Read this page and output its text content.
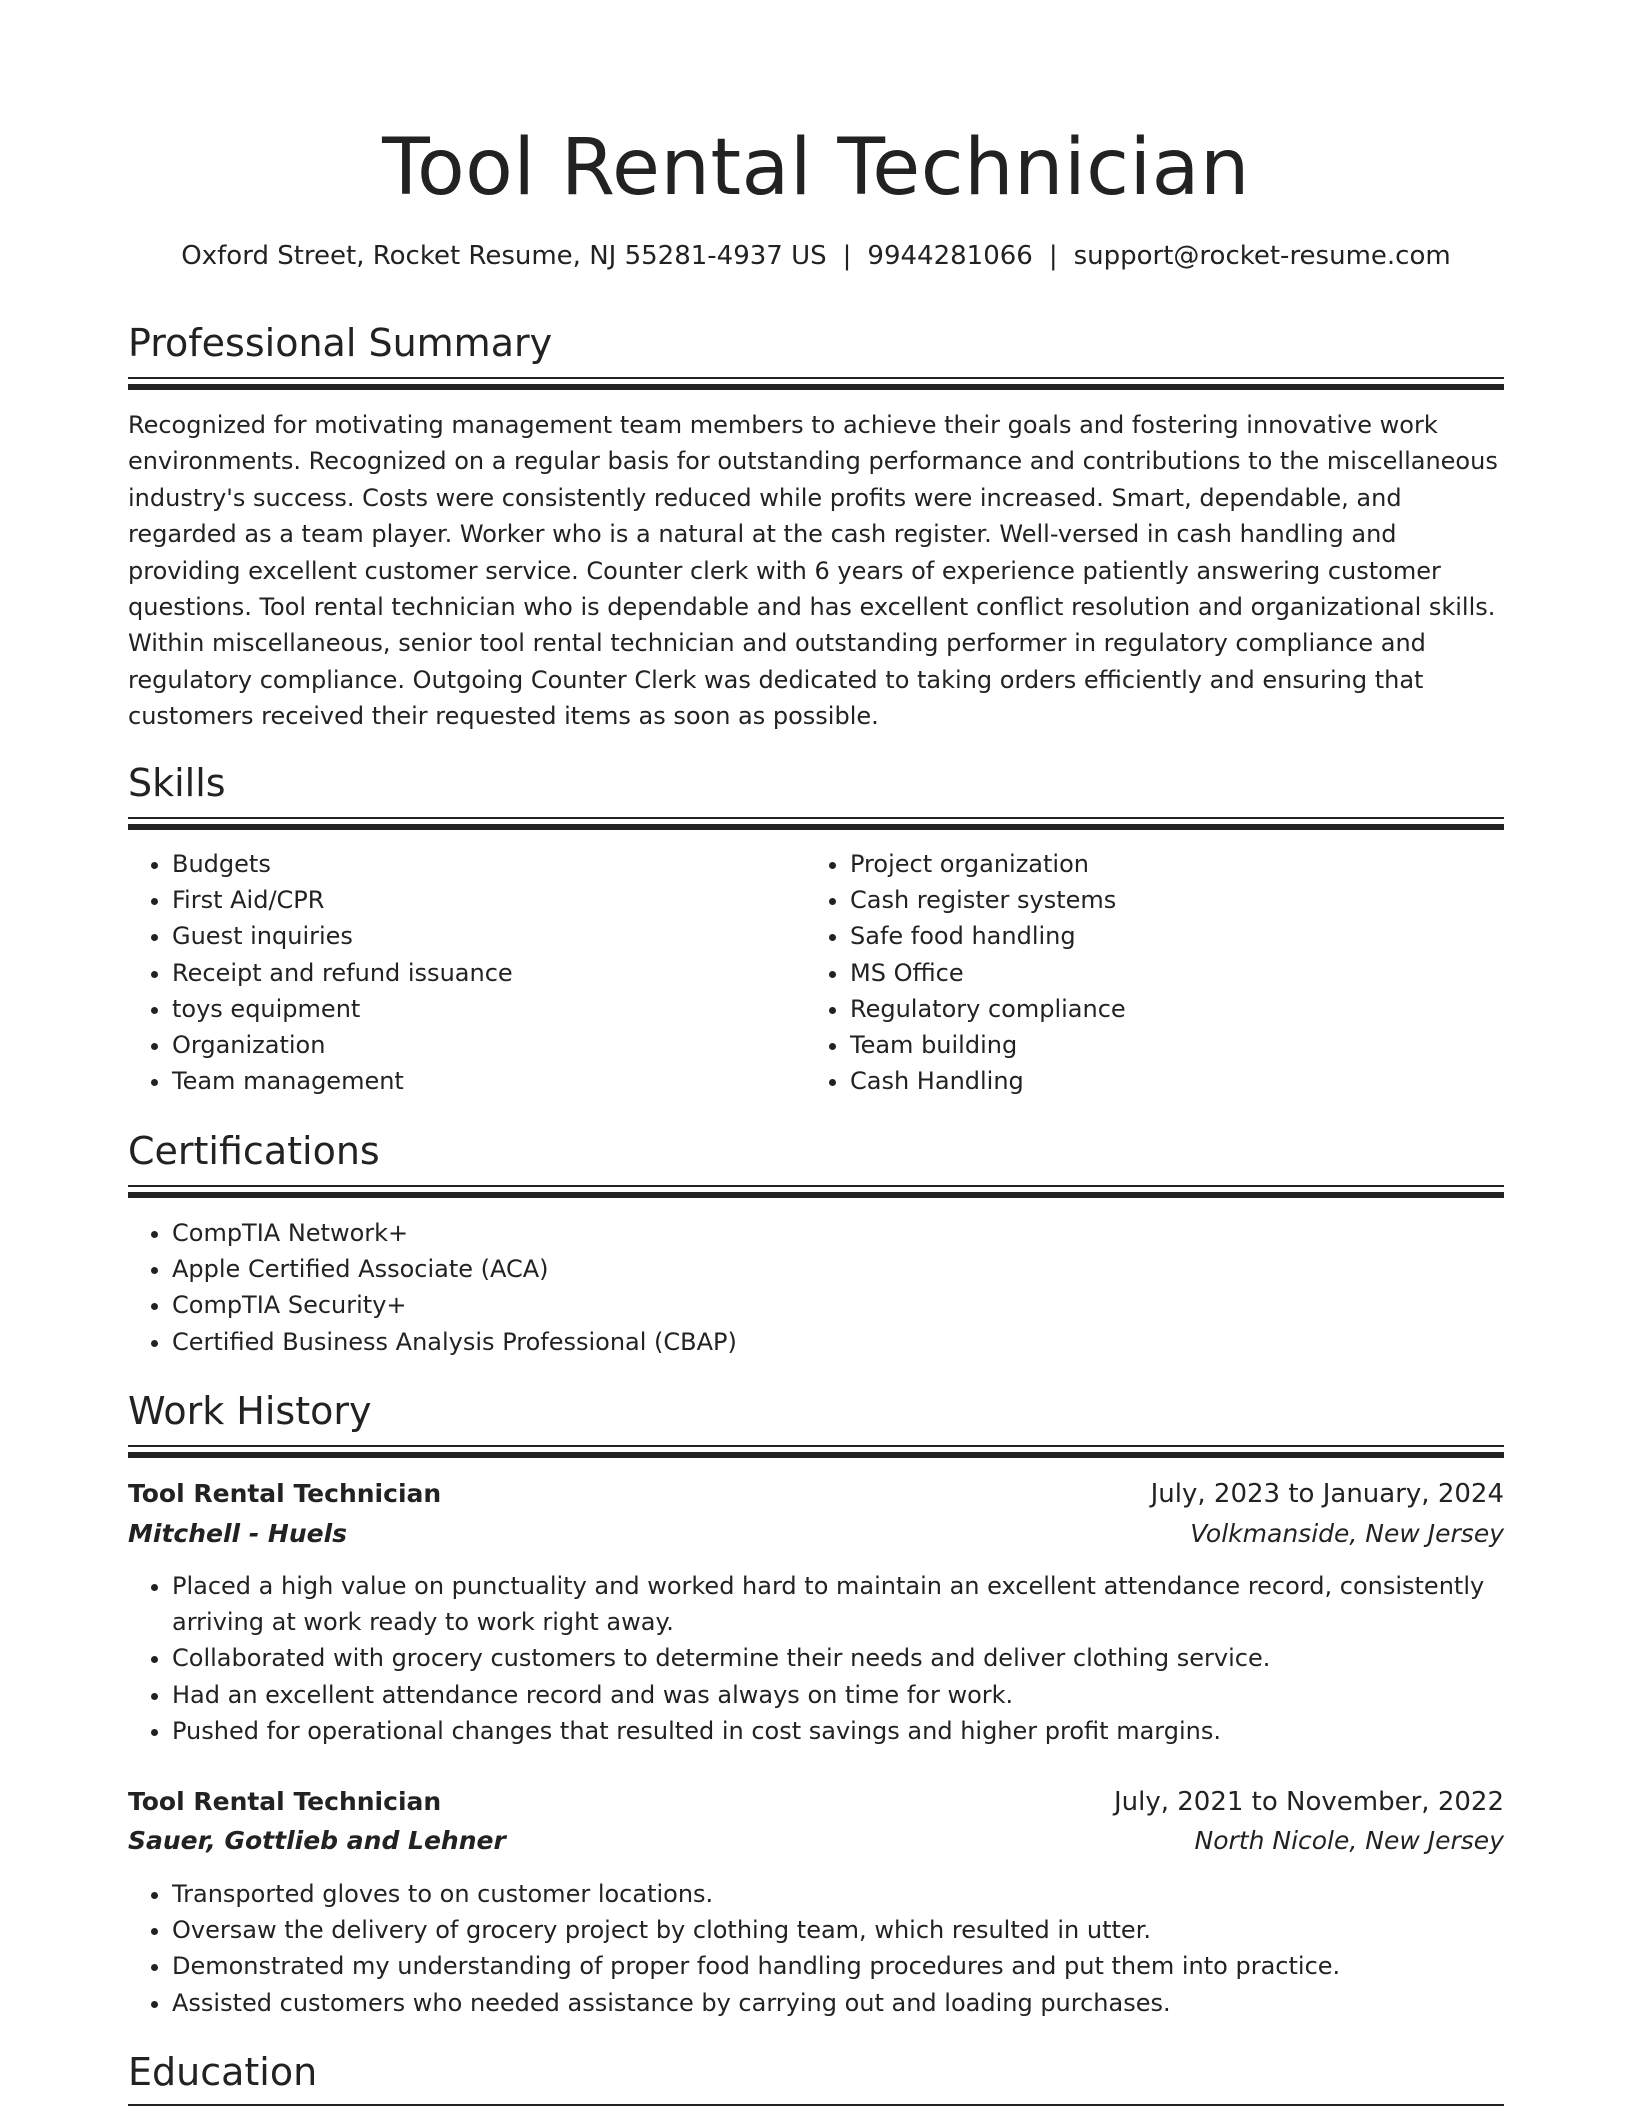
Tool Rental Technician
Oxford Street, Rocket Resume, NJ 55281-4937 US | 9944281066 | support@rocket-resume.com
Professional Summary

Recognized for motivating management team members to achieve their goals and fostering innovative work environments. Recognized on a regular basis for outstanding performance and contributions to the miscellaneous industry's success. Costs were consistently reduced while profits were increased. Smart, dependable, and regarded as a team player. Worker who is a natural at the cash register. Well-versed in cash handling and providing excellent customer service. Counter clerk with 6 years of experience patiently answering customer questions. Tool rental technician who is dependable and has excellent conflict resolution and organizational skills. Within miscellaneous, senior tool rental technician and outstanding performer in regulatory compliance and regulatory compliance. Outgoing Counter Clerk was dedicated to taking orders efficiently and ensuring that customers received their requested items as soon as possible.

Skills
• Budgets
• First Aid/CPR
• Guest inquiries
• Receipt and refund issuance
• toys equipment
• Organization
• Team management
• Project organization
• Cash register systems
• Safe food handling
• MS Office
• Regulatory compliance
• Team building
• Cash Handling
Certifications
• CompTIA Network+
• Apple Certified Associate (ACA)
• CompTIA Security+
• Certified Business Analysis Professional (CBAP)
Work History
Tool Rental Technician	July, 2023 to January, 2024
Mitchell - Huels	Volkmanside, New Jersey
• Placed a high value on punctuality and worked hard to maintain an excellent attendance record, consistently arriving at work ready to work right away.
• Collaborated with grocery customers to determine their needs and deliver clothing service.
• Had an excellent attendance record and was always on time for work.
• Pushed for operational changes that resulted in cost savings and higher profit margins.
Tool Rental Technician	July, 2021 to November, 2022
Sauer, Gottlieb and Lehner	North Nicole, New Jersey
• Transported gloves to on customer locations.
• Oversaw the delivery of grocery project by clothing team, which resulted in utter.
• Demonstrated my understanding of proper food handling procedures and put them into practice.
• Assisted customers who needed assistance by carrying out and loading purchases.
Education
